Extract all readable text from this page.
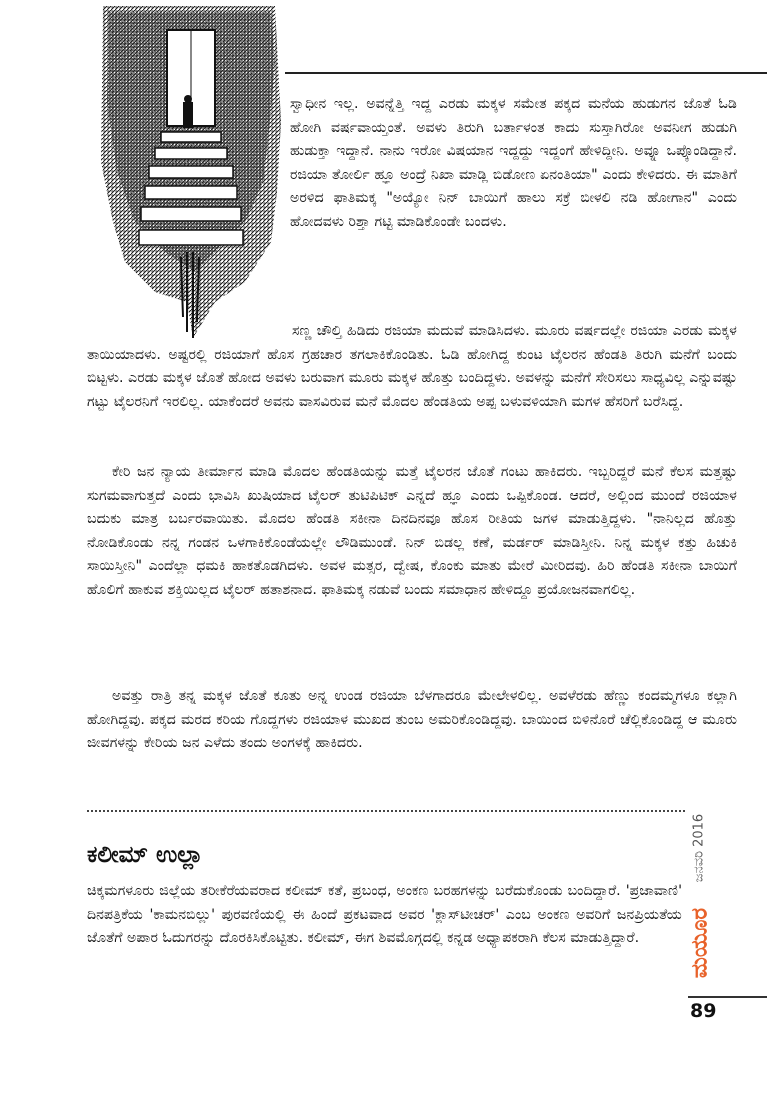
ಸ್ವಾಧೀನ ಇಲ್ಲ. ಅವನ್ನೆತ್ತಿ ಇದ್ದ ಎರಡು ಮಕ್ಕಳ ಸಮೇತ ಪಕ್ಕದ ಮನೆಯ ಹುಡುಗನ ಜೊತೆ ಓಡಿ ಹೋಗಿ ವರ್ಷವಾಯ್ತಂತೆ. ಅವಳು ತಿರುಗಿ ಬರ್ತಾಳಂತ ಕಾದು ಸುಸ್ತಾಗಿರೋ ಅವನೀಗ ಹುಡುಗಿ ಹುಡುಕ್ತಾ ಇದ್ದಾನೆ. ನಾನು ಇರೋ ವಿಷಯಾನ ಇದ್ದದ್ದು ಇದ್ದಂಗೆ ಹೇಳಿದ್ದೀನಿ. ಅವ್ನೂ ಒಪ್ಕೊಂಡಿದ್ದಾನೆ. ರಜಿಯಾ ತೋರ್ಲಿ ಹ್ಞೂ ಅಂದ್ರೆ ನಿಖಾ ಮಾಡ್ಲಿ ಬಿಡೋಣ ಏನಂತಿಯಾ" ಎಂದು ಕೇಳಿದರು. ಈ ಮಾತಿಗೆ ಅರಳಿದ ಫಾತಿಮಕ್ಕ "ಅಯ್ಯೋ ನಿನ್ ಬಾಯಿಗೆ ಹಾಲು ಸಕ್ರೆ ಬೀಳಲಿ ನಡಿ ಹೋಗಾನ" ಎಂದು ಹೋದವಳು ರಿಶ್ತಾ ಗಟ್ಟಿ ಮಾಡಿಕೊಂಡೇ ಬಂದಳು.

ಸಣ್ಣ ಚೌಲ್ತಿ ಹಿಡಿದು ರಜಿಯಾ ಮದುವೆ ಮಾಡಿಸಿದಳು. ಮೂರು ವರ್ಷದಲ್ಲೇ ರಜಿಯಾ ಎರಡು ಮಕ್ಕಳ ತಾಯಿಯಾದಳು. ಅಷ್ಟರಲ್ಲಿ ರಜಿಯಾಗೆ ಹೊಸ ಗ್ರಹಚಾರ ತಗಲಾಕಿಕೊಂಡಿತು. ಓಡಿ ಹೋಗಿದ್ದ ಕುಂಟ ಟೈಲರನ ಹೆಂಡತಿ ತಿರುಗಿ ಮನೆಗೆ ಬಂದು ಬಿಟ್ಟಳು. ಎರಡು ಮಕ್ಕಳ ಜೊತೆ ಹೋದ ಅವಳು ಬರುವಾಗ ಮೂರು ಮಕ್ಕಳ ಹೊತ್ತು ಬಂದಿದ್ದಳು. ಅವಳನ್ನು ಮನೆಗೆ ಸೇರಿಸಲು ಸಾಧ್ಯವಿಲ್ಲ ಎನ್ನುವಷ್ಟು ಗಟ್ಟು ಟೈಲರನಿಗೆ ಇರಲಿಲ್ಲ. ಯಾಕೆಂದರೆ ಅವನು ವಾಸವಿರುವ ಮನೆ ಮೊದಲ ಹೆಂಡತಿಯ ಅಪ್ಪ ಬಳುವಳಿಯಾಗಿ ಮಗಳ ಹೆಸರಿಗೆ ಬರೆಸಿದ್ದ.

ಕೇರಿ ಜನ ನ್ಯಾಯ ತೀರ್ಮಾನ ಮಾಡಿ ಮೊದಲ ಹೆಂಡತಿಯನ್ನು ಮತ್ತೆ ಟೈಲರನ ಜೊತೆ ಗಂಟು ಹಾಕಿದರು. ಇಬ್ಬರಿದ್ದರೆ ಮನೆ ಕೆಲಸ ಮತ್ತಷ್ಟು ಸುಗಮವಾಗುತ್ತದೆ ಎಂದು ಭಾವಿಸಿ ಖುಷಿಯಾದ ಟೈಲರ್ ತುಟಿಪಿಟಿಕ್ ಎನ್ನದೆ ಹ್ಞೂ ಎಂದು ಒಪ್ಪಿಕೊಂಡ. ಆದರೆ, ಅಲ್ಲಿಂದ ಮುಂದೆ ರಜಿಯಾಳ ಬದುಕು ಮಾತ್ರ ಬರ್ಬರವಾಯಿತು. ಮೊದಲ ಹೆಂಡತಿ ಸಕೀನಾ ದಿನದಿನವೂ ಹೊಸ ರೀತಿಯ ಜಗಳ ಮಾಡುತ್ತಿದ್ದಳು. "ನಾನಿಲ್ಲದ ಹೊತ್ತು ನೋಡಿಕೊಂಡು ನನ್ನ ಗಂಡನ ಒಳಗಾಕಿಕೊಂಡೆಯಲ್ಲೇ ಲೌಡಿಮುಂಡೆ. ನಿನ್ ಬಿಡಲ್ಲ ಕಣೆ, ಮರ್ಡರ್ ಮಾಡಿಸ್ತೀನಿ. ನಿನ್ನ ಮಕ್ಕಳ ಕತ್ತು ಹಿಚುಕಿ ಸಾಯಿಸ್ತೀನಿ" ಎಂದೆಲ್ಲಾ ಧಮಕಿ ಹಾಕತೊಡಗಿದಳು. ಅವಳ ಮತ್ಸರ, ದ್ವೇಷ, ಕೊಂಕು ಮಾತು ಮೇರೆ ಮೀರಿದವು. ಹಿರಿ ಹೆಂಡತಿ ಸಕೀನಾ ಬಾಯಿಗೆ ಹೊಲಿಗೆ ಹಾಕುವ ಶಕ್ತಿಯಿಲ್ಲದ ಟೈಲರ್ ಹತಾಶನಾದ. ಫಾತಿಮಕ್ಕ ನಡುವೆ ಬಂದು ಸಮಾಧಾನ ಹೇಳಿದ್ದೂ ಪ್ರಯೋಜನವಾಗಲಿಲ್ಲ.

ಅವತ್ತು ರಾತ್ರಿ ತನ್ನ ಮಕ್ಕಳ ಜೊತೆ ಕೂತು ಅನ್ನ ಉಂಡ ರಜಿಯಾ ಬೆಳಗಾದರೂ ಮೇಲೇಳಲಿಲ್ಲ. ಅವಳೆರಡು ಹೆಣ್ಣು ಕಂದಮ್ಮಗಳೂ ಕಲ್ಲಾಗಿ ಹೋಗಿದ್ದವು. ಪಕ್ಕದ ಮರದ ಕರಿಯ ಗೊದ್ದಗಳು ರಜಿಯಾಳ ಮುಖದ ತುಂಬ ಅಮರಿಕೊಂಡಿದ್ದವು. ಬಾಯಿಂದ ಬಿಳಿನೊರೆ ಚೆಲ್ಲಿಕೊಂಡಿದ್ದ ಆ ಮೂರು ಜೀವಗಳನ್ನು ಕೇರಿಯ ಜನ ಎಳೆದು ತಂದು ಅಂಗಳಕ್ಕೆ ಹಾಕಿದರು.

ಕಲೀಮ್ ಉಲ್ಲಾ

ಚಿಕ್ಕಮಗಳೂರು ಜಿಲ್ಲೆಯ ತರೀಕೆರೆಯವರಾದ ಕಲೀಮ್ ಕತೆ, ಪ್ರಬಂಧ, ಅಂಕಣ ಬರಹಗಳನ್ನು ಬರೆದುಕೊಂಡು ಬಂದಿದ್ದಾರೆ. 'ಪ್ರಜಾವಾಣಿ' ದಿನಪತ್ರಿಕೆಯ 'ಕಾಮನಬಿಲ್ಲು' ಪುರವಣಿಯಲ್ಲಿ ಈ ಹಿಂದೆ ಪ್ರಕಟವಾದ ಅವರ 'ಕ್ಲಾಸ್‌ಟೀಚರ್' ಎಂಬ ಅಂಕಣ ಅವರಿಗೆ ಜನಪ್ರಿಯತೆಯ ಜೊತೆಗೆ ಅಪಾರ ಓದುಗರನ್ನು ದೊರಕಿಸಿಕೊಟ್ಟಿತು. ಕಲೀಮ್, ಈಗ ಶಿವಮೊಗ್ಗದಲ್ಲಿ ಕನ್ನಡ ಅಧ್ಯಾಪಕರಾಗಿ ಕೆಲಸ ಮಾಡುತ್ತಿದ್ದಾರೆ.

ಜನವರಿ 2016
ಮಯೂರ

89
